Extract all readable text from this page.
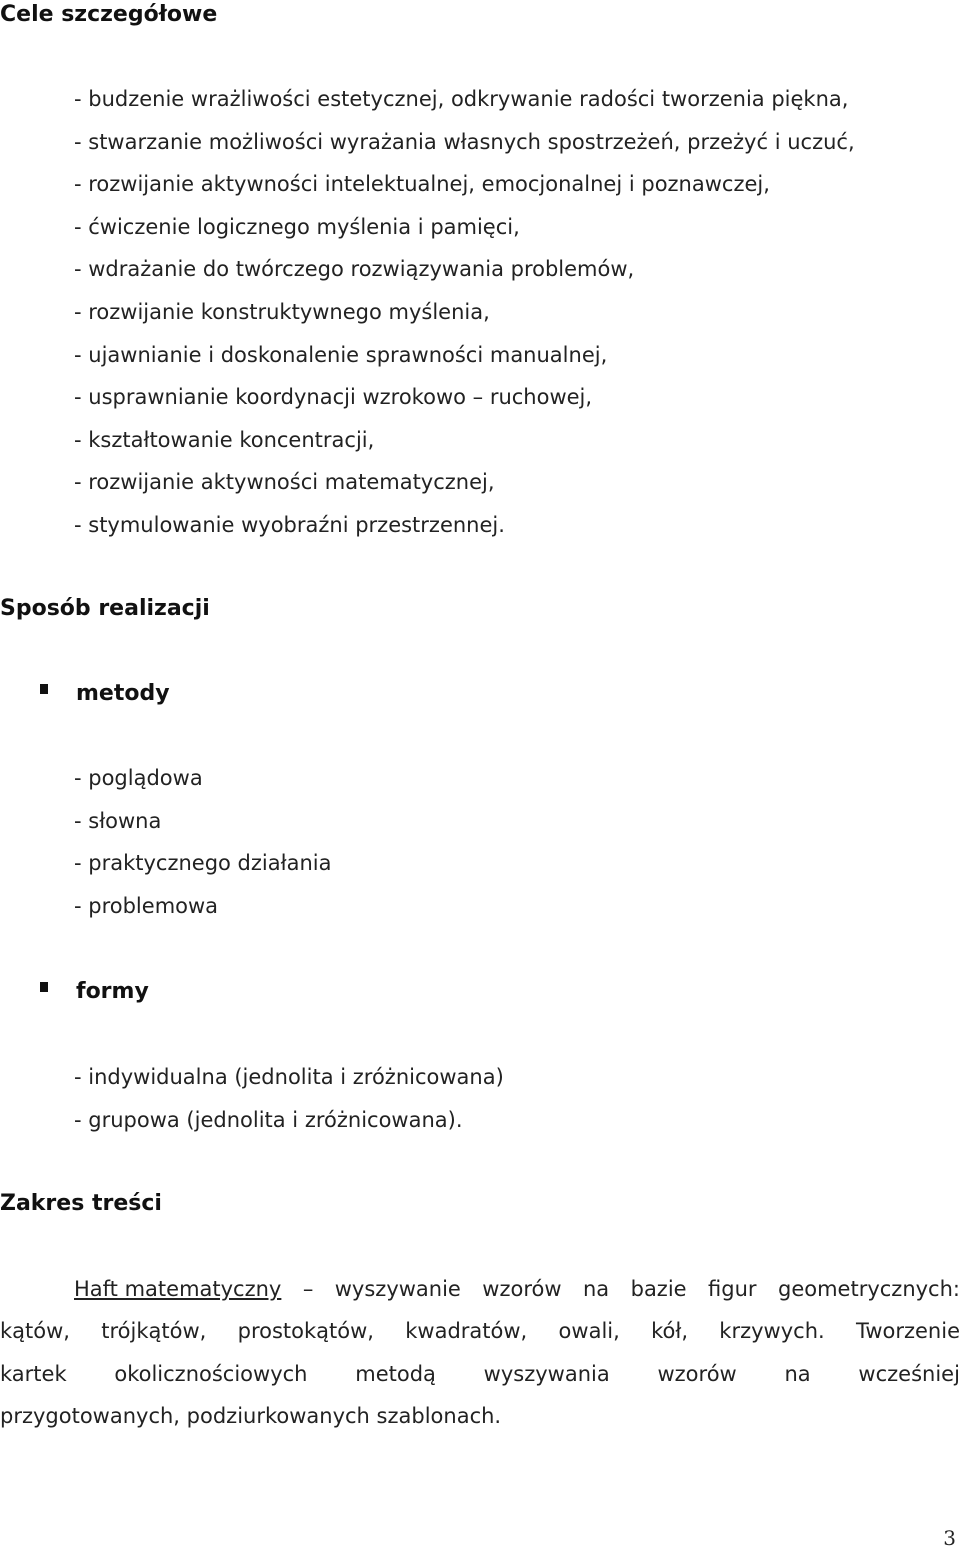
Cele szczegółowe
- budzenie wrażliwości estetycznej, odkrywanie radości tworzenia piękna,
- stwarzanie możliwości wyrażania własnych spostrzeżeń, przeżyć i uczuć,
- rozwijanie aktywności intelektualnej, emocjonalnej i poznawczej,
- ćwiczenie logicznego myślenia i pamięci,
- wdrażanie do twórczego rozwiązywania problemów,
- rozwijanie konstruktywnego myślenia,
- ujawnianie i doskonalenie sprawności manualnej,
- usprawnianie koordynacji wzrokowo – ruchowej,
- kształtowanie koncentracji,
- rozwijanie aktywności matematycznej,
- stymulowanie wyobraźni przestrzennej.
Sposób realizacji
metody
- poglądowa
- słowna
- praktycznego działania
- problemowa
formy
- indywidualna (jednolita i zróżnicowana)
- grupowa (jednolita i zróżnicowana).
Zakres treści
Haft matematyczny – wyszywanie wzorów na bazie figur geometrycznych:
kątów, trójkątów, prostokątów, kwadratów, owali, kół, krzywych. Tworzenie
kartek okolicznościowych metodą wyszywania wzorów na wcześniej
przygotowanych, podziurkowanych szablonach.
3
